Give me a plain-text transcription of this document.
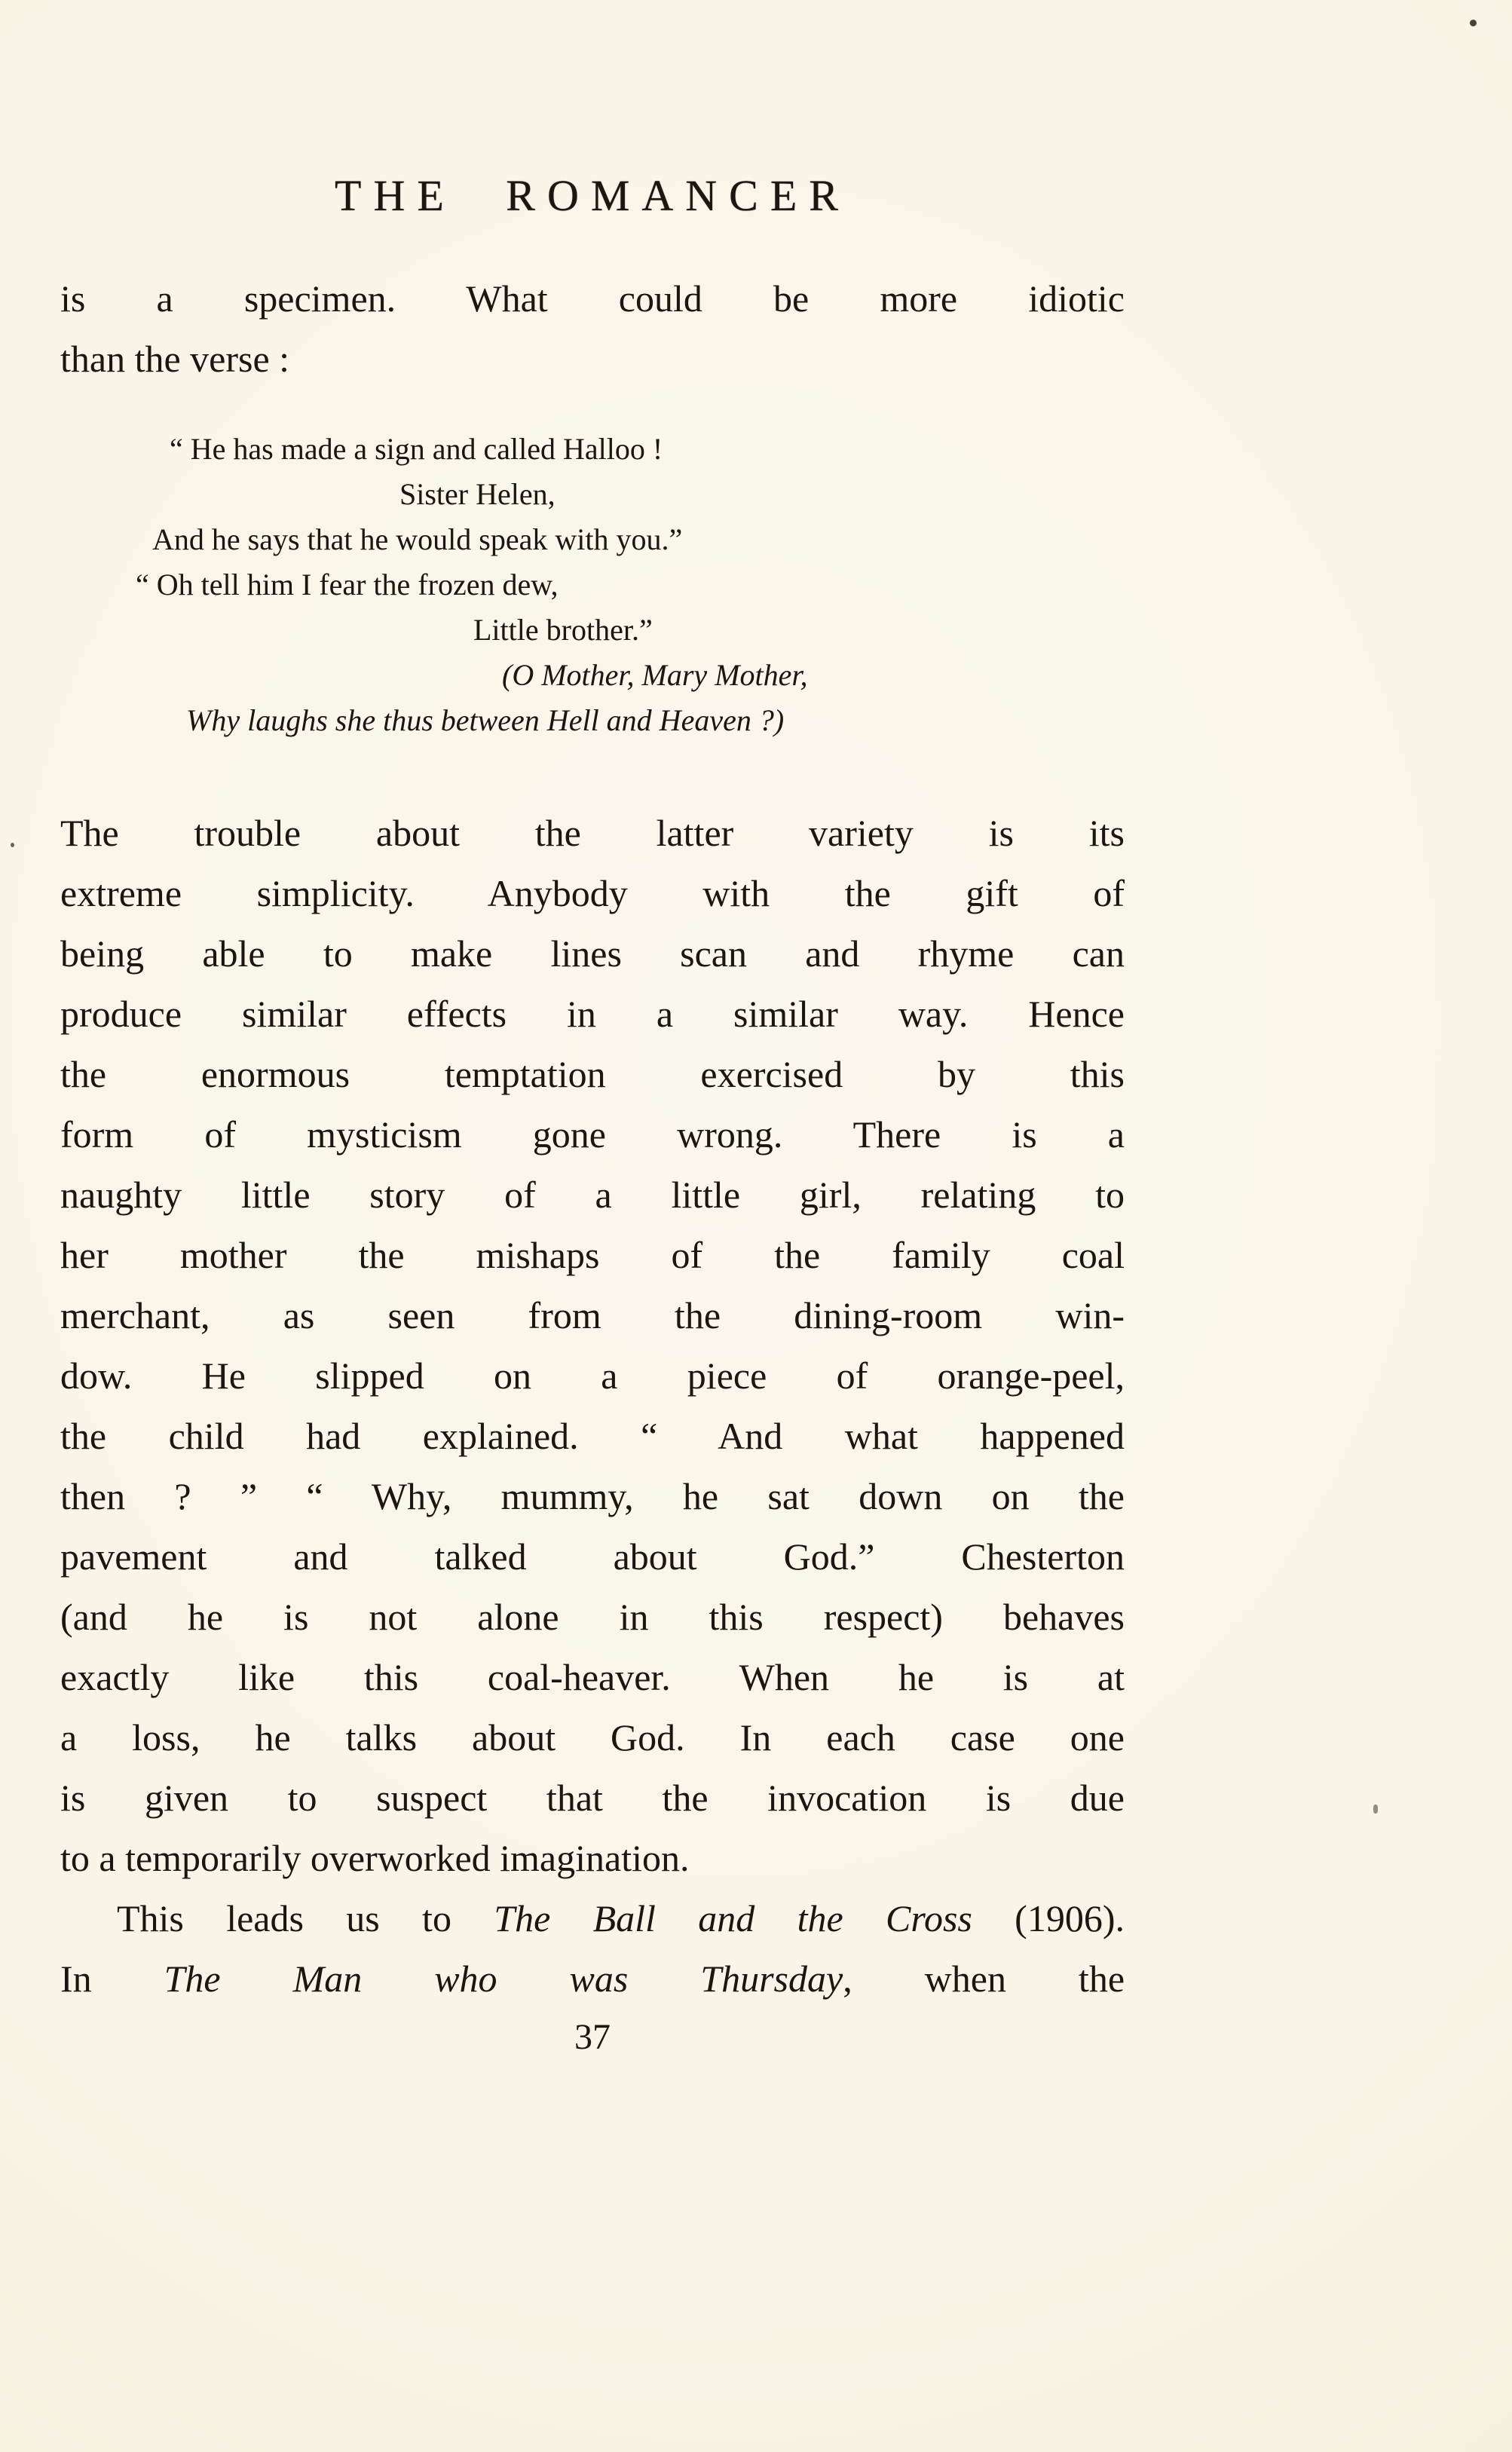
THE ROMANCER
is a specimen. What could be more idiotic
than the verse :
“ He has made a sign and called Halloo !
Sister Helen,
And he says that he would speak with you.”
“ Oh tell him I fear the frozen dew,
Little brother.”
(O Mother, Mary Mother,
Why laughs she thus between Hell and Heaven ?)
The trouble about the latter variety is its
extreme simplicity. Anybody with the gift of
being able to make lines scan and rhyme can
produce similar effects in a similar way. Hence
the enormous temptation exercised by this
form of mysticism gone wrong. There is a
naughty little story of a little girl, relating to
her mother the mishaps of the family coal
merchant, as seen from the dining-room win-
dow. He slipped on a piece of orange-peel,
the child had explained. “ And what happened
then ? ” “ Why, mummy, he sat down on the
pavement and talked about God.” Chesterton
(and he is not alone in this respect) behaves
exactly like this coal-heaver. When he is at
a loss, he talks about God. In each case one
is given to suspect that the invocation is due
to a temporarily overworked imagination.
This leads us to The Ball and the Cross (1906).
In The Man who was Thursday, when the
37
